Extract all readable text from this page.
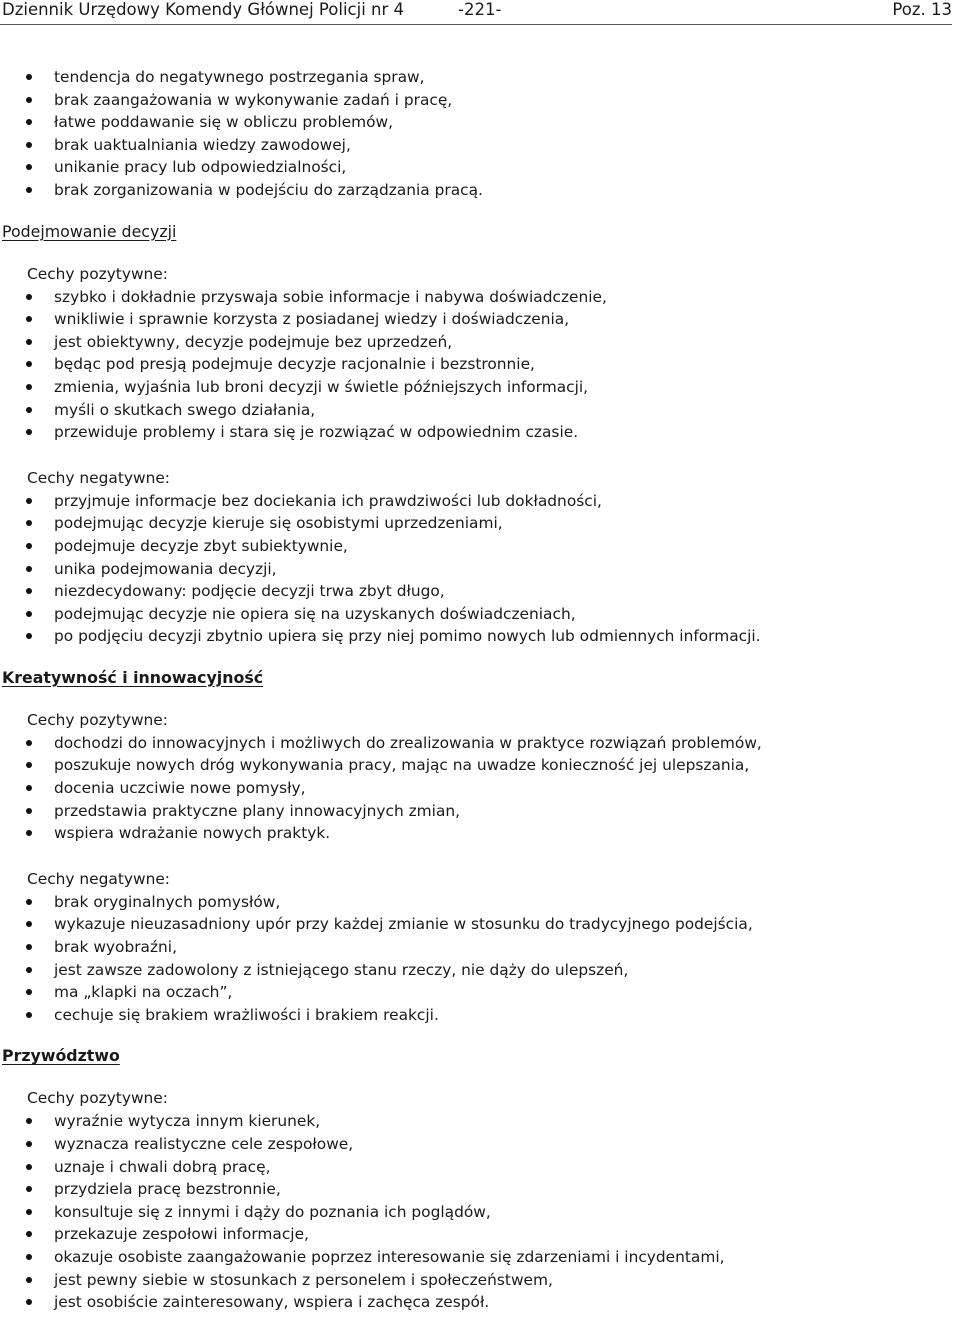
Dziennik Urzędowy Komendy Głównej Policji nr 4	-221-	Poz. 13
tendencja do negatywnego postrzegania spraw,
brak zaangażowania w wykonywanie zadań i pracę,
łatwe poddawanie się w obliczu problemów,
brak uaktualniania wiedzy zawodowej,
unikanie pracy lub odpowiedzialności,
brak zorganizowania w podejściu do zarządzania pracą.
Podejmowanie decyzji
Cechy pozytywne:
szybko i dokładnie przyswaja sobie informacje i nabywa doświadczenie,
wnikliwie i sprawnie korzysta z posiadanej wiedzy i doświadczenia,
jest obiektywny, decyzje podejmuje bez uprzedzeń,
będąc pod presją podejmuje decyzje racjonalnie i bezstronnie,
zmienia, wyjaśnia lub broni decyzji w świetle późniejszych informacji,
myśli o skutkach swego działania,
przewiduje problemy i stara się je rozwiązać w odpowiednim czasie.
Cechy negatywne:
przyjmuje informacje bez dociekania ich prawdziwości lub dokładności,
podejmując decyzje kieruje się osobistymi uprzedzeniami,
podejmuje decyzje zbyt subiektywnie,
unika podejmowania decyzji,
niezdecydowany: podjęcie decyzji trwa zbyt długo,
podejmując decyzje nie opiera się na uzyskanych doświadczeniach,
po podjęciu decyzji zbytnio upiera się przy niej pomimo nowych lub odmiennych informacji.
Kreatywność i innowacyjność
Cechy pozytywne:
dochodzi do innowacyjnych i możliwych do zrealizowania w praktyce rozwiązań problemów,
poszukuje nowych dróg wykonywania pracy, mając na uwadze konieczność jej ulepszania,
docenia uczciwie nowe pomysły,
przedstawia praktyczne plany innowacyjnych zmian,
wspiera wdrażanie nowych praktyk.
Cechy negatywne:
brak oryginalnych pomysłów,
wykazuje nieuzasadniony upór przy każdej zmianie w stosunku do tradycyjnego podejścia,
brak wyobraźni,
jest zawsze zadowolony z istniejącego stanu rzeczy, nie dąży do ulepszeń,
ma „klapki na oczach”,
cechuje się brakiem wrażliwości i brakiem reakcji.
Przywództwo
Cechy pozytywne:
wyraźnie wytycza innym kierunek,
wyznacza realistyczne cele zespołowe,
uznaje i chwali dobrą pracę,
przydziela pracę bezstronnie,
konsultuje się z innymi i dąży do poznania ich poglądów,
przekazuje zespołowi informacje,
okazuje osobiste zaangażowanie poprzez interesowanie się zdarzeniami i incydentami,
jest pewny siebie w stosunkach z personelem i społeczeństwem,
jest osobiście zainteresowany, wspiera i zachęca zespół.
